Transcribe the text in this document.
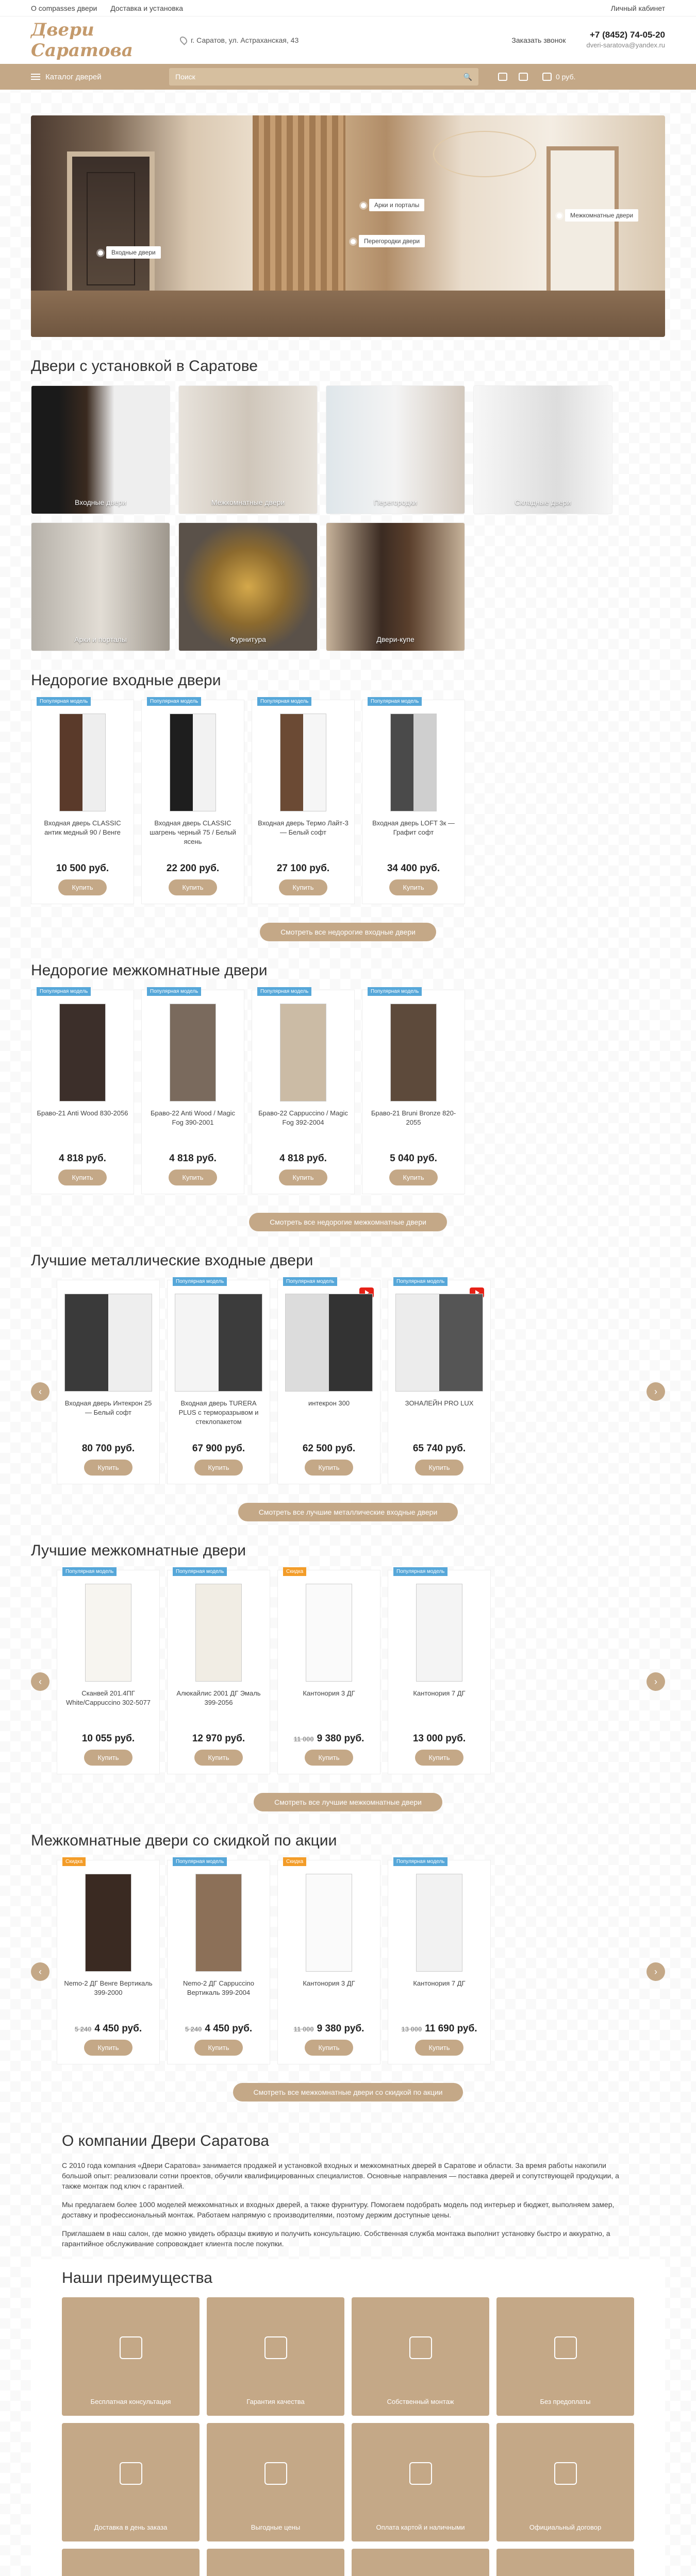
О compasses двери Доставка и установка	Личный кабинет
Двери Саратова	г. Саратов, ул. Астраханская, 43	Заказать звонок
+7 (8452) 74-05-20
dveri-saratova@yandex.ru
Каталог дверей
Поиск	🔍	0 руб.
Входные двери
Арки и порталы
Межкомнатные двери
Перегородки двери
Двери с установкой в Саратове
Входные двери	Межкомнатные двери	Перегородки	Складные двери
Арки и порталы	Фурнитура	Двери-купе
Недорогие входные двери
Популярная модель
Входная дверь CLASSIC антик медный 90 / Венге
10 500 руб.
Купить
Популярная модель
Входная дверь CLASSIC шагрень черный 75 / Белый ясень
22 200 руб.
Купить
Популярная модель
Входная дверь Термо Лайт-3 — Белый софт
27 100 руб.
Купить
Популярная модель
Входная дверь LOFT 3к — Графит софт
34 400 руб.
Купить
Смотреть все недорогие входные двери
Недорогие межкомнатные двери
Популярная модель
Бравo-21 Anti Wood 830-2056
4 818 руб.
Купить
Популярная модель
Бравo-22 Anti Wood / Magic Fog 390-2001
4 818 руб.
Купить
Популярная модель
Бравo-22 Cappuccino / Magic Fog 392-2004
4 818 руб.
Купить
Популярная модель
Бравo-21 Bruni Bronze 820-2055
5 040 руб.
Купить
Смотреть все недорогие межкомнатные двери
Лучшие металлические входные двери
‹
Входная дверь Интекрон 25 — Белый софт
80 700 руб.
Купить
Популярная модель
Входная дверь TURERA PLUS с терморазрывом и стеклопакетом
67 900 руб.
Купить
Популярная модель
интекрон 300
62 500 руб.
Купить
Популярная модель
ЗОНАЛЕЙН PRO LUX
65 740 руб.
Купить
›
Смотреть все лучшие металлические входные двери
Лучшие межкомнатные двери
‹
Популярная модель
Сканвей 201.4ПГ White/Cappuccino 302-5077
10 055 руб.
Купить
Популярная модель
Алюкайлис 2001 ДГ Эмаль 399-2056
12 970 руб.
Купить
Скидка
Кантонория 3 ДГ
11 000 9 380 руб.
Купить
Популярная модель
Кантонория 7 ДГ
13 000 руб.
Купить
›
Смотреть все лучшие межкомнатные двери
Межкомнатные двери со скидкой по акции
‹
Скидка
Nemo-2 ДГ Венге Вертикаль 399-2000
5 240 4 450 руб.
Купить
Популярная модель
Nemo-2 ДГ Cappuccino Вертикаль 399-2004
5 240 4 450 руб.
Купить
Скидка
Кантонория 3 ДГ
11 000 9 380 руб.
Купить
Популярная модель
Кантонория 7 ДГ
13 000 11 690 руб.
Купить
›
Смотреть все межкомнатные двери со скидкой по акции
О компании Двери Саратова

С 2010 года компания «Двери Саратова» занимается продажей и установкой входных и межкомнатных дверей в Саратове и области. За время работы накопили большой опыт: реализовали сотни проектов, обучили квалифицированных специалистов. Основные направления — поставка дверей и сопутствующей продукции, а также монтаж под ключ с гарантией.

Мы предлагаем более 1000 моделей межкомнатных и входных дверей, а также фурнитуру. Помогаем подобрать модель под интерьер и бюджет, выполняем замер, доставку и профессиональный монтаж. Работаем напрямую с производителями, поэтому держим доступные цены.

Приглашаем в наш салон, где можно увидеть образцы вживую и получить консультацию. Собственная служба монтажа выполнит установку быстро и аккуратно, а гарантийное обслуживание сопровождает клиента после покупки.

Наши преимущества
Бесплатная консультация	Гарантия качества	Собственный монтаж	Без предоплаты
Доставка в день заказа	Выгодные цены	Оплата картой и наличными	Официальный договор
